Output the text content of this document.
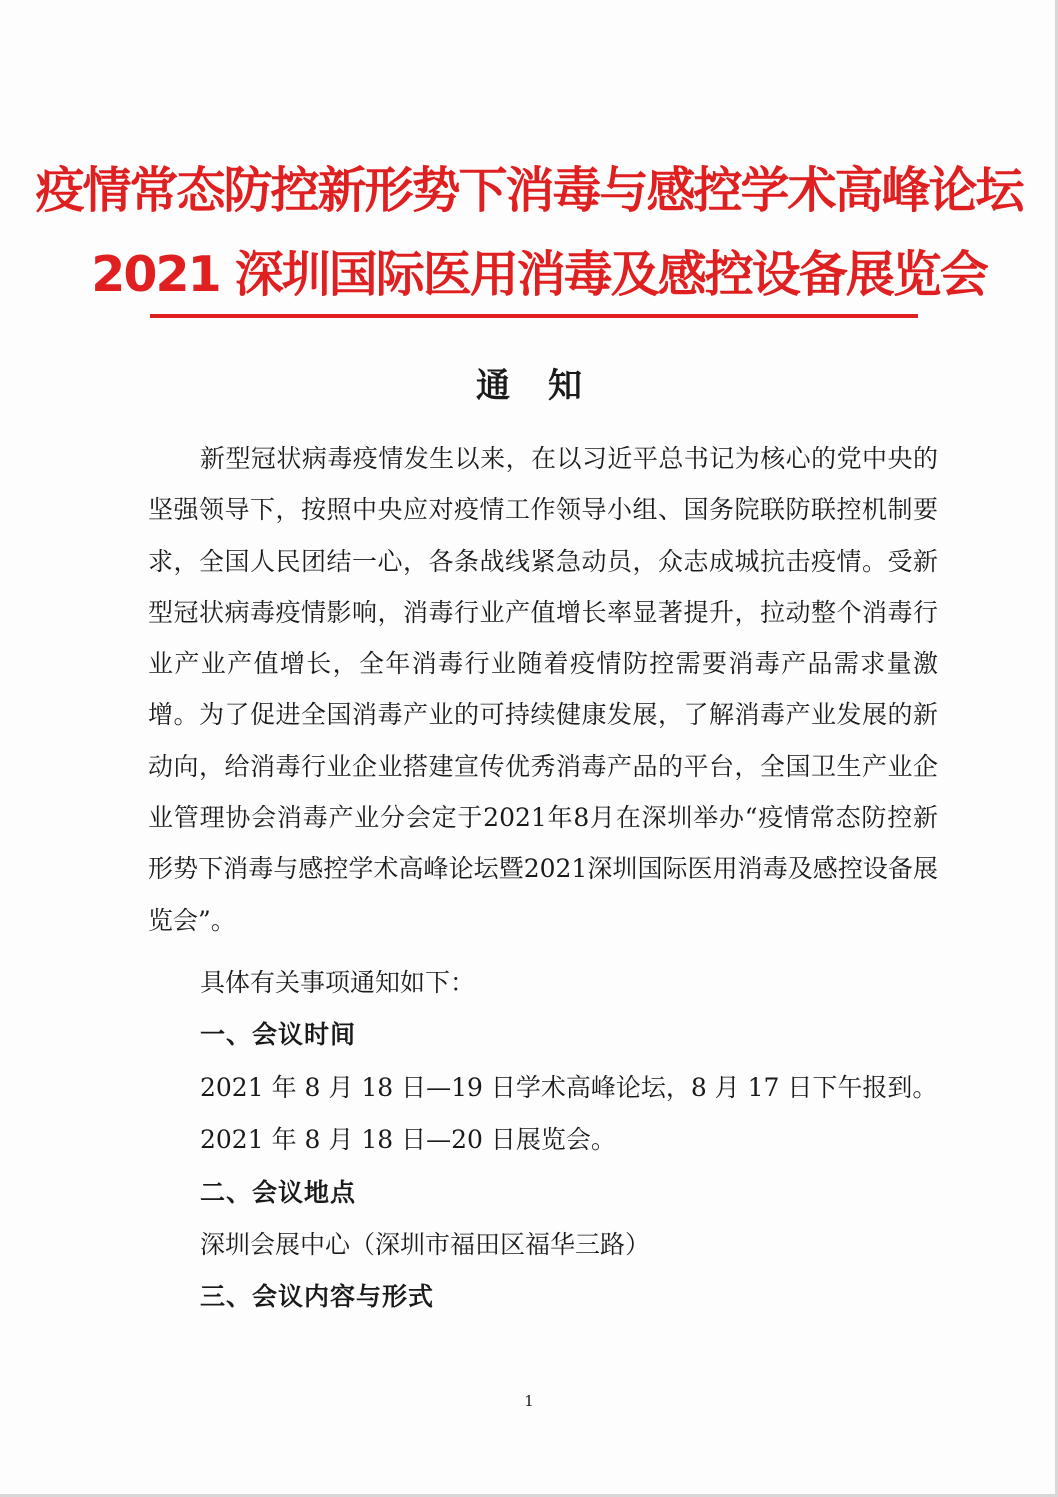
疫情常态防控新形势下消毒与感控学术高峰论坛
2021 深圳国际医用消毒及感控设备展览会
通知

新型冠状病毒疫情发生以来，在以习近平总书记为核心的党中央的坚强领导下，按照中央应对疫情工作领导小组、国务院联防联控机制要求，全国人民团结一心，各条战线紧急动员，众志成城抗击疫情。受新型冠状病毒疫情影响，消毒行业产值增长率显著提升，拉动整个消毒行业产业产值增长，全年消毒行业随着疫情防控需要消毒产品需求量激增。为了促进全国消毒产业的可持续健康发展，了解消毒产业发展的新动向，给消毒行业企业搭建宣传优秀消毒产品的平台，全国卫生产业企业管理协会消毒产业分会定于2021年8月在深圳举办“疫情常态防控新形势下消毒与感控学术高峰论坛暨2021深圳国际医用消毒及感控设备展览会”。

具体有关事项通知如下：

一、会议时间

2021 年 8 月 18 日—19 日学术高峰论坛，8 月 17 日下午报到。

2021 年 8 月 18 日—20 日展览会。

二、会议地点

深圳会展中心（深圳市福田区福华三路）

三、会议内容与形式

1
